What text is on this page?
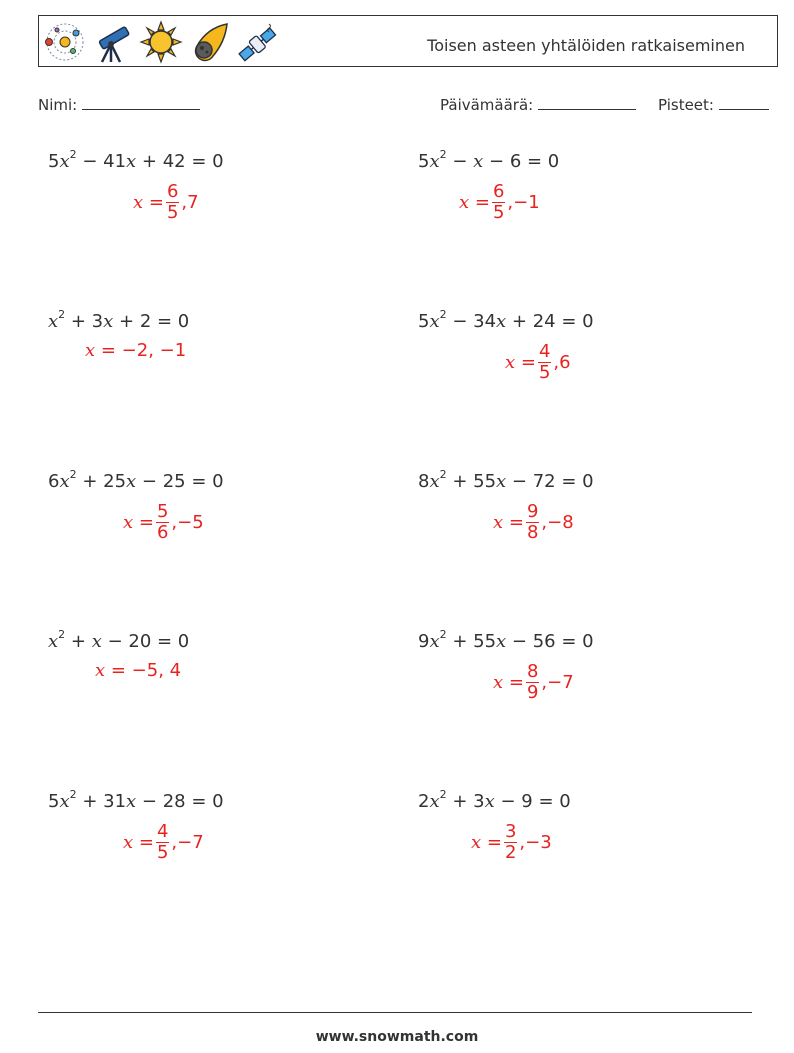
Toisen asteen yhtälöiden ratkaiseminen
Nimi:	Päivämäärä:	Pisteet:
$5x^2 - 41x + 42 = 0$
$x = \frac{6}{5} ,7$
$5x^2 - x - 6 = 0$
$x = \frac{6}{5} ,-1$
$x^2 + 3x + 2 = 0$
x = −2, −1
$5x^2 - 34x + 24 = 0$
$x = \frac{4}{5} ,6$
$6x^2 + 25x - 25 = 0$
$x = \frac{5}{6} ,-5$
$8x^2 + 55x - 72 = 0$
$x = \frac{9}{8} ,-8$
$x^2 + x - 20 = 0$
x = −5, 4
$9x^2 + 55x - 56 = 0$
$x = \frac{8}{9} ,-7$
$5x^2 + 31x - 28 = 0$
$x = \frac{4}{5} ,-7$
$2x^2 + 3x - 9 = 0$
$x = \frac{3}{2} ,-3$
www.snowmath.com
